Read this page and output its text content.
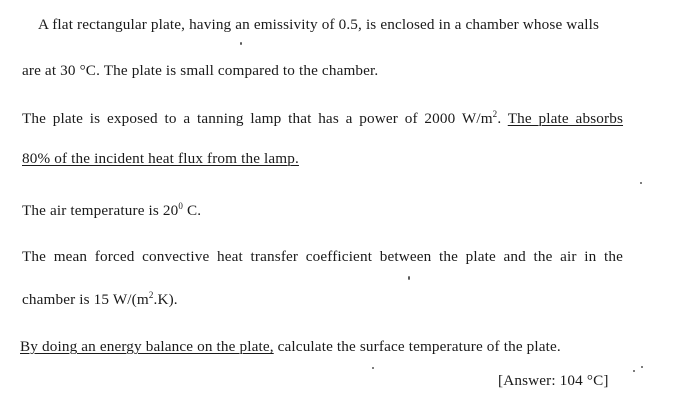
A flat rectangular plate, having an emissivity of 0.5, is enclosed in a chamber whose walls
are at 30 °C. The plate is small compared to the chamber.
The plate is exposed to a tanning lamp that has a power of 2000 $W/m^2$. The plate absorbs
80% of the incident heat flux from the lamp.
The air temperature is $20^0$ C.
The mean forced convective heat transfer coefficient between the plate and the air in the
chamber is 15 $W/(m^2.K)$.
By doing an energy balance on the plate, calculate the surface temperature of the plate.
[Answer: 104 °C]
